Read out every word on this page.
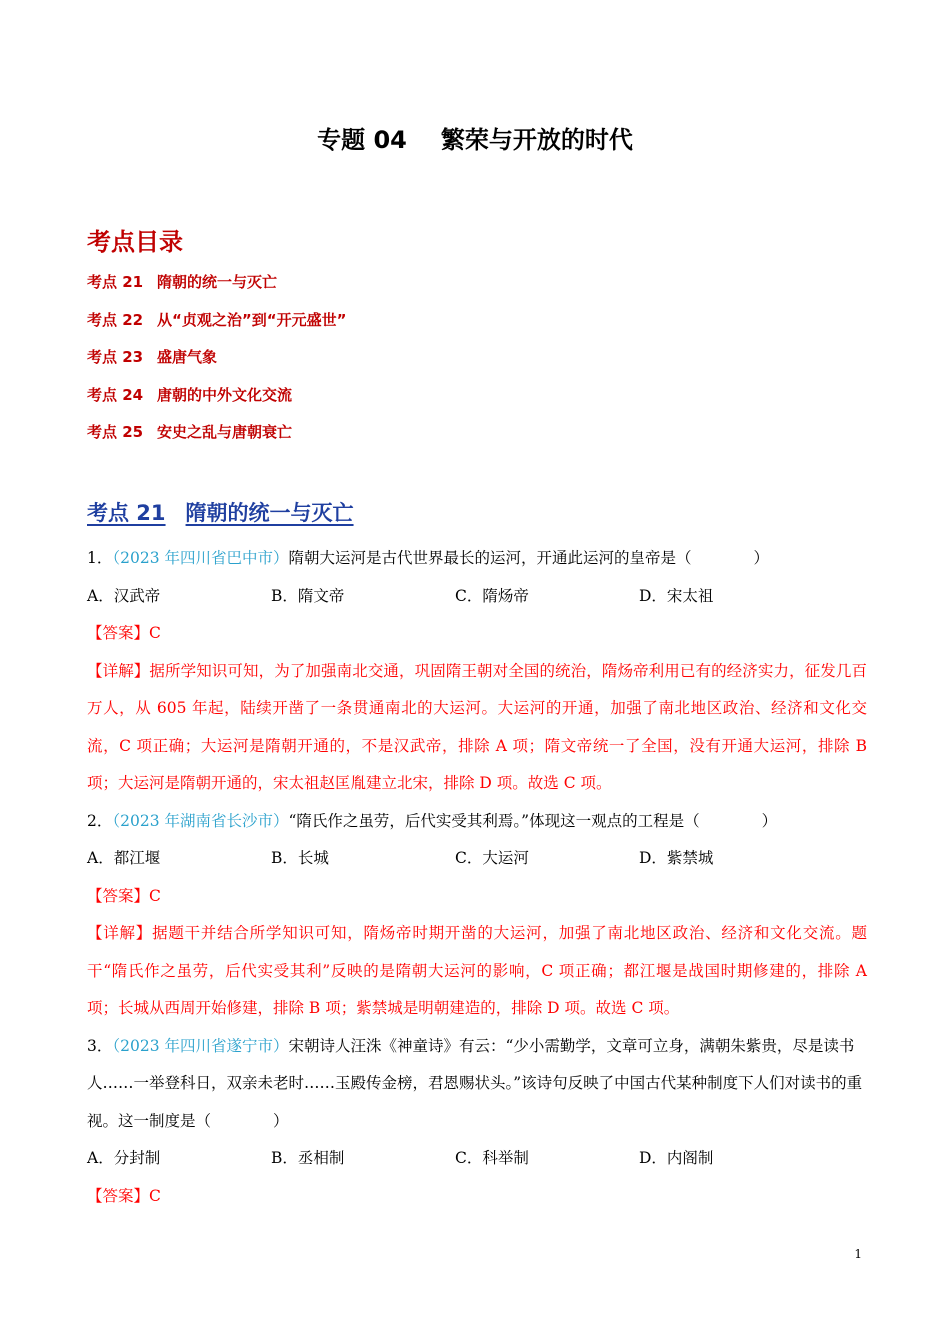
专题 04 繁荣与开放的时代
考点目录
考点 21 隋朝的统一与灭亡
考点 22 从“贞观之治”到“开元盛世”
考点 23 盛唐气象
考点 24 唐朝的中外文化交流
考点 25 安史之乱与唐朝衰亡
考点 21 隋朝的统一与灭亡

1．（2023 年四川省巴中市）隋朝大运河是古代世界最长的运河，开通此运河的皇帝是（　　　　）

A．汉武帝	B．隋文帝	C．隋炀帝	D．宋太祖

【答案】C

【详解】据所学知识可知，为了加强南北交通，巩固隋王朝对全国的统治，隋炀帝利用已有的经济实力，征发几百万人，从 605 年起，陆续开凿了一条贯通南北的大运河。大运河的开通，加强了南北地区政治、经济和文化交流，C 项正确；大运河是隋朝开通的，不是汉武帝，排除 A 项；隋文帝统一了全国，没有开通大运河，排除 B 项；大运河是隋朝开通的，宋太祖赵匡胤建立北宋，排除 D 项。故选 C 项。

2．（2023 年湖南省长沙市）“隋氏作之虽劳，后代实受其利焉。”体现这一观点的工程是（　　　　）

A．都江堰	B．长城	C．大运河	D．紫禁城

【答案】C

【详解】据题干并结合所学知识可知，隋炀帝时期开凿的大运河，加强了南北地区政治、经济和文化交流。题干“隋氏作之虽劳，后代实受其利”反映的是隋朝大运河的影响，C 项正确；都江堰是战国时期修建的，排除 A 项；长城从西周开始修建，排除 B 项；紫禁城是明朝建造的，排除 D 项。故选 C 项。

3．（2023 年四川省遂宁市）宋朝诗人汪洙《神童诗》有云：“少小需勤学，文章可立身，满朝朱紫贵，尽是读书人……一举登科日，双亲未老时……玉殿传金榜，君恩赐状头。”该诗句反映了中国古代某种制度下人们对读书的重视。这一制度是（　　　　）

A．分封制	B．丞相制	C．科举制	D．内阁制

【答案】C

1
